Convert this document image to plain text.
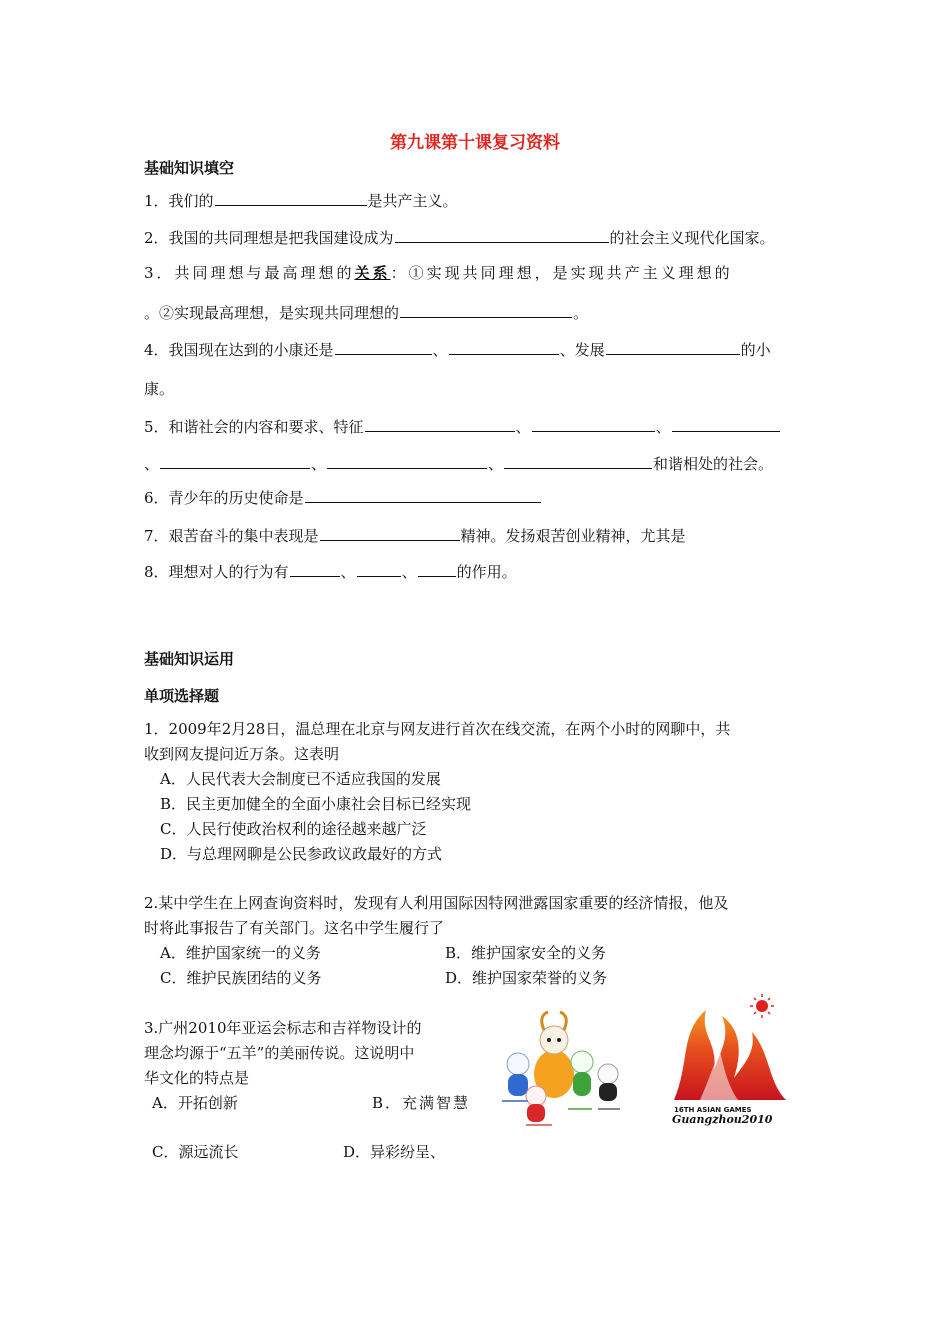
第九课第十课复习资料
基础知识填空
1．我们的	是共产主义。
2．我国的共同理想是把我国建设成为	的社会主义现代化国家。
3．共同理想与最高理想的关系：①实现共同理想，是实现共产主义理想的
。②实现最高理想，是实现共同理想的	。
4．我国现在达到的小康还是	、	、发展	的小
康。
5．和谐社会的内容和要求、特征	、	、
、	、	、	和谐相处的社会。
6．青少年的历史使命是
7．艰苦奋斗的集中表现是	精神。发扬艰苦创业精神，尤其是
8．理想对人的行为有	、	、	的作用。
基础知识运用
单项选择题
1．2009年2月28日，温总理在北京与网友进行首次在线交流，在两个小时的网聊中，共
收到网友提问近万条。这表明
A．人民代表大会制度已不适应我国的发展
B．民主更加健全的全面小康社会目标已经实现
C．人民行使政治权利的途径越来越广泛
D．与总理网聊是公民参政议政最好的方式
2.某中学生在上网查询资料时，发现有人利用国际因特网泄露国家重要的经济情报，他及
时将此事报告了有关部门。这名中学生履行了
A．维护国家统一的义务	B．维护国家安全的义务
C．维护民族团结的义务	D．维护国家荣誉的义务
3.广州2010年亚运会标志和吉祥物设计的
理念均源于“五羊”的美丽传说。这说明中
华文化的特点是
A．开拓创新	B．充满智慧
C．源远流长	D．异彩纷呈、
16TH ASIAN GAMES
Guangzhou2010
